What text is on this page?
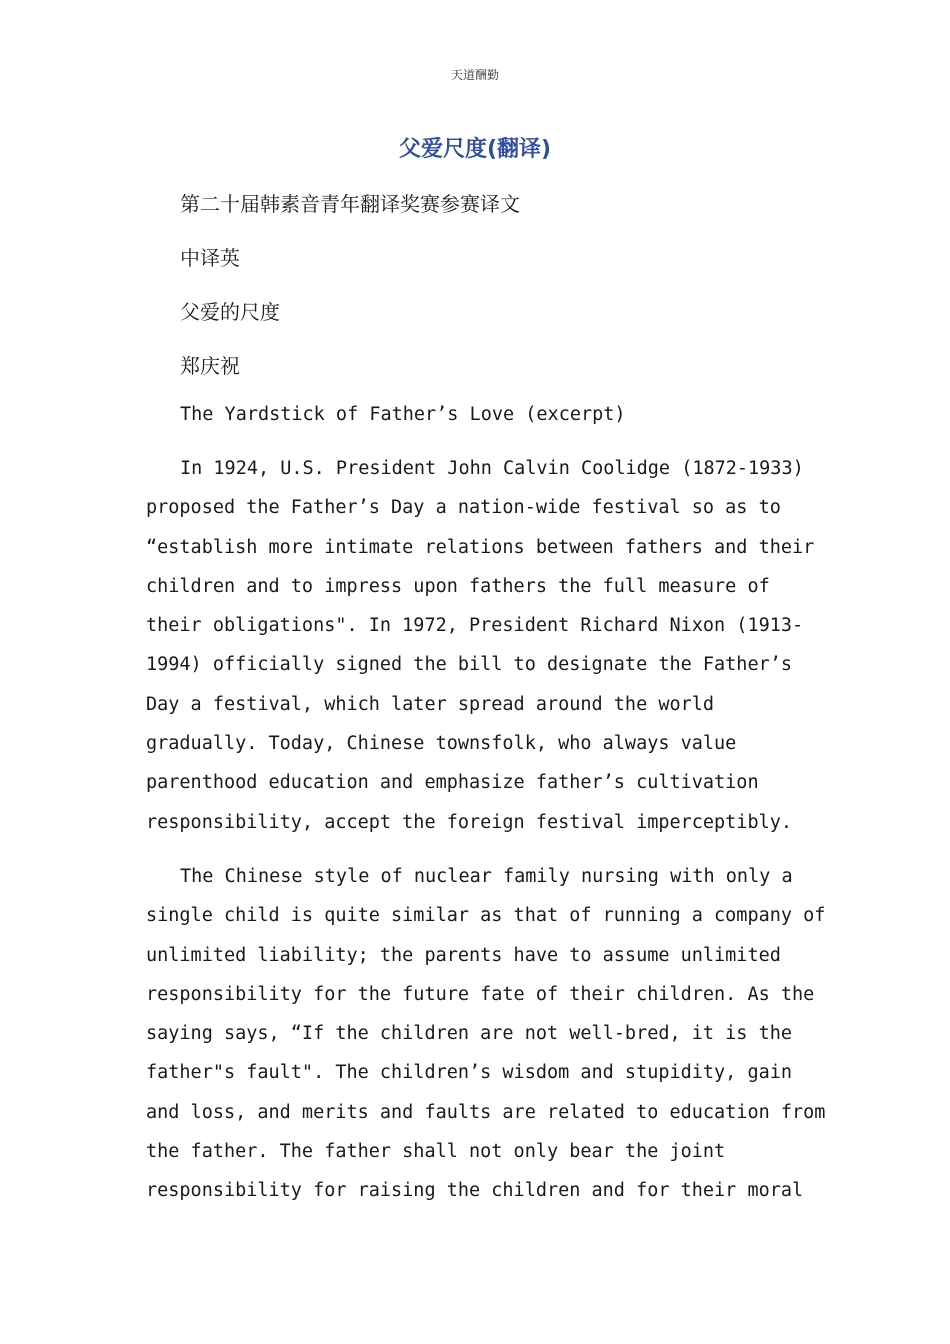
天道酬勤
父爱尺度(翻译)
第二十届韩素音青年翻译奖赛参赛译文
中译英
父爱的尺度
郑庆祝
The Yardstick of Father’s Love (excerpt)

In 1924, U.S. President John Calvin Coolidge (1872-1933) proposed the Father’s Day a nation-wide festival so as to “establish more intimate relations between fathers and their children and to impress upon fathers the full measure of their obligations". In 1972, President Richard Nixon (1913-1994) officially signed the bill to designate the Father’s Day a festival, which later spread around the world gradually. Today, Chinese townsfolk, who always value parenthood education and emphasize father’s cultivation responsibility, accept the foreign festival imperceptibly.

The Chinese style of nuclear family nursing with only a single child is quite similar as that of running a company of unlimited liability; the parents have to assume unlimited responsibility for the future fate of their children. As the saying says, “If the children are not well-bred, it is the father"s fault". The children’s wisdom and stupidity, gain and loss, and merits and faults are related to education from the father. The father shall not only bear the joint responsibility for raising the children and for their moral
